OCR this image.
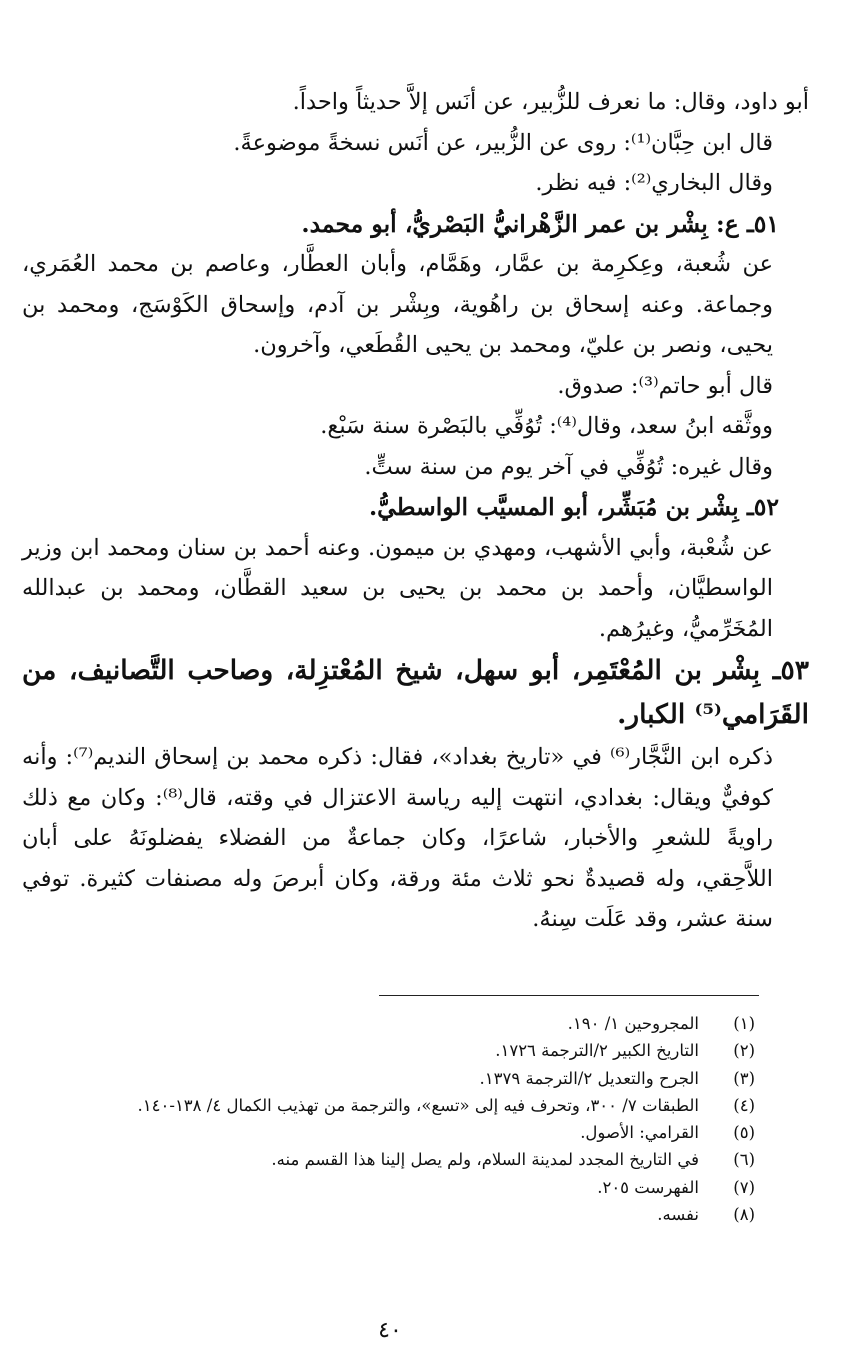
أبو داود، وقال: ما نعرف للزُّبير، عن أنَس إلاَّ حديثاً واحداً.

قال ابن حِبَّان⁽¹⁾: روى عن الزُّبير، عن أنَس نسخةً موضوعةً.

وقال البخاري⁽²⁾: فيه نظر.

٥١ـ ع: بِشْر بن عمر الزَّهْرانيُّ البَصْريُّ، أبو محمد.

عن شُعبة، وعِكرِمة بن عمَّار، وهَمَّام، وأبان العطَّار، وعاصم بن محمد العُمَري، وجماعة. وعنه إسحاق بن راهُوية، وبِشْر بن آدم، وإسحاق الكَوْسَج، ومحمد بن يحيى، ونصر بن عليّ، ومحمد بن يحيى القُطَعي، وآخرون.

قال أبو حاتم⁽³⁾: صدوق.

ووثَّقه ابنُ سعد، وقال⁽⁴⁾: تُوُفِّي بالبَصْرة سنة سَبْع.

وقال غيره: تُوُفِّي في آخر يوم من سنة ستٍّ.

٥٢ـ بِشْر بن مُبَشِّر، أبو المسيَّب الواسطيُّ.

عن شُعْبة، وأبي الأشهب، ومهدي بن ميمون. وعنه أحمد بن سنان ومحمد ابن وزير الواسطيَّان، وأحمد بن محمد بن يحيى بن سعيد القطَّان، ومحمد بن عبدالله المُخَرِّميُّ، وغيرُهم.

٥٣ـ بِشْر بن المُعْتَمِر، أبو سهل، شيخ المُعْتزِلة، وصاحب التَّصانيف، من القَرَامي⁽⁵⁾ الكبار.

ذكره ابن النَّجَّار⁽⁶⁾ في «تاريخ بغداد»، فقال: ذكره محمد بن إسحاق النديم⁽⁷⁾: وأنه كوفيٌّ ويقال: بغدادي، انتهت إليه رياسة الاعتزال في وقته، قال⁽⁸⁾: وكان مع ذلك راويةً للشعرِ والأخبار، شاعرًا، وكان جماعةٌ من الفضلاء يفضلونَهُ على أبان اللاَّحِقي، وله قصيدةٌ نحو ثلاث مئة ورقة، وكان أبرصَ وله مصنفات كثيرة. توفي سنة عشر، وقد عَلَت سِنهُ.

(١)
المجروحين ١/ ١٩٠.
(٢)
التاريخ الكبير ٢/الترجمة ١٧٢٦.
(٣)
الجرح والتعديل ٢/الترجمة ١٣٧٩.
(٤)
الطبقات ٧/ ٣٠٠، وتحرف فيه إلى «تسع»، والترجمة من تهذيب الكمال ٤/ ١٣٨-١٤٠.
(٥)
القرامي: الأصول.
(٦)
في التاريخ المجدد لمدينة السلام، ولم يصل إلينا هذا القسم منه.
(٧)
الفهرست ٢٠٥.
(٨)
نفسه.
٤٠
